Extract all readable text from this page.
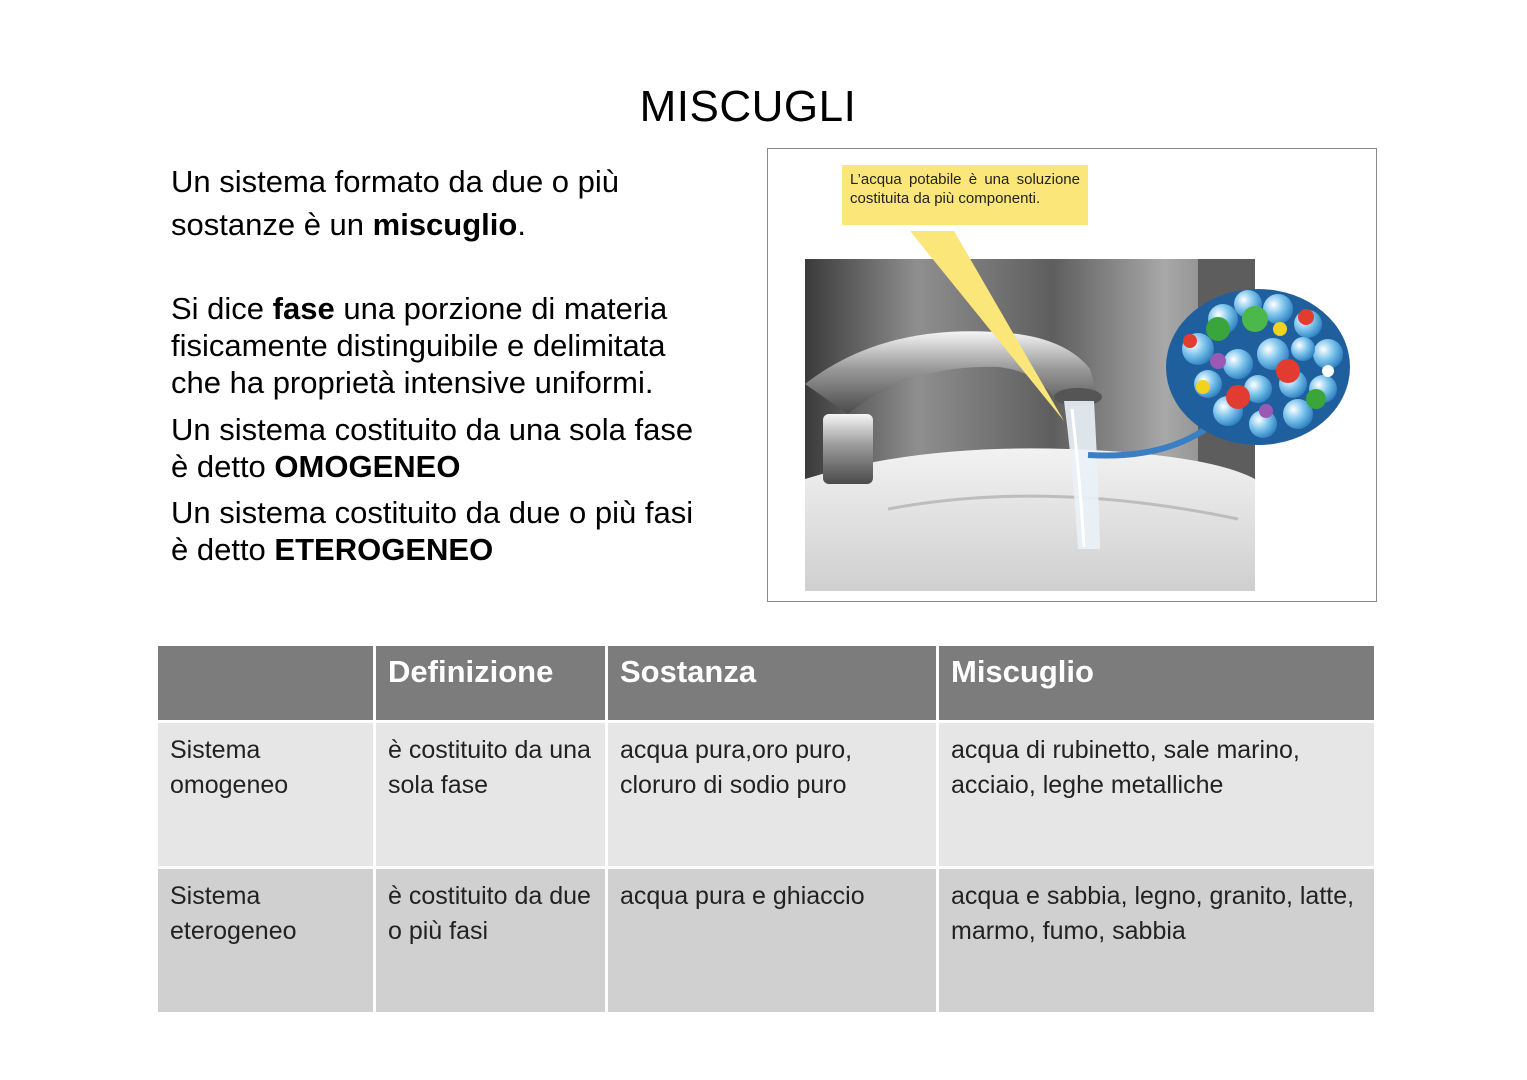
MISCUGLI
Un sistema formato da due o più
sostanze è un miscuglio.
Si dice fase una porzione di materia
fisicamente distinguibile e delimitata
che ha proprietà intensive uniformi.
Un sistema costituito da una sola fase
è detto OMOGENEO
Un sistema costituito da due o più fasi
è detto ETEROGENEO
L’acqua potabile è una soluzione costituita da più componenti.
	Definizione	Sostanza	Miscuglio
Sistema omogeneo	è costituito da una sola fase	acqua pura,oro puro, cloruro di sodio puro	acqua di rubinetto, sale marino, acciaio, leghe metalliche
Sistema eterogeneo	è costituito da due o più fasi	acqua pura e ghiaccio	acqua e sabbia, legno, granito, latte, marmo, fumo, sabbia
